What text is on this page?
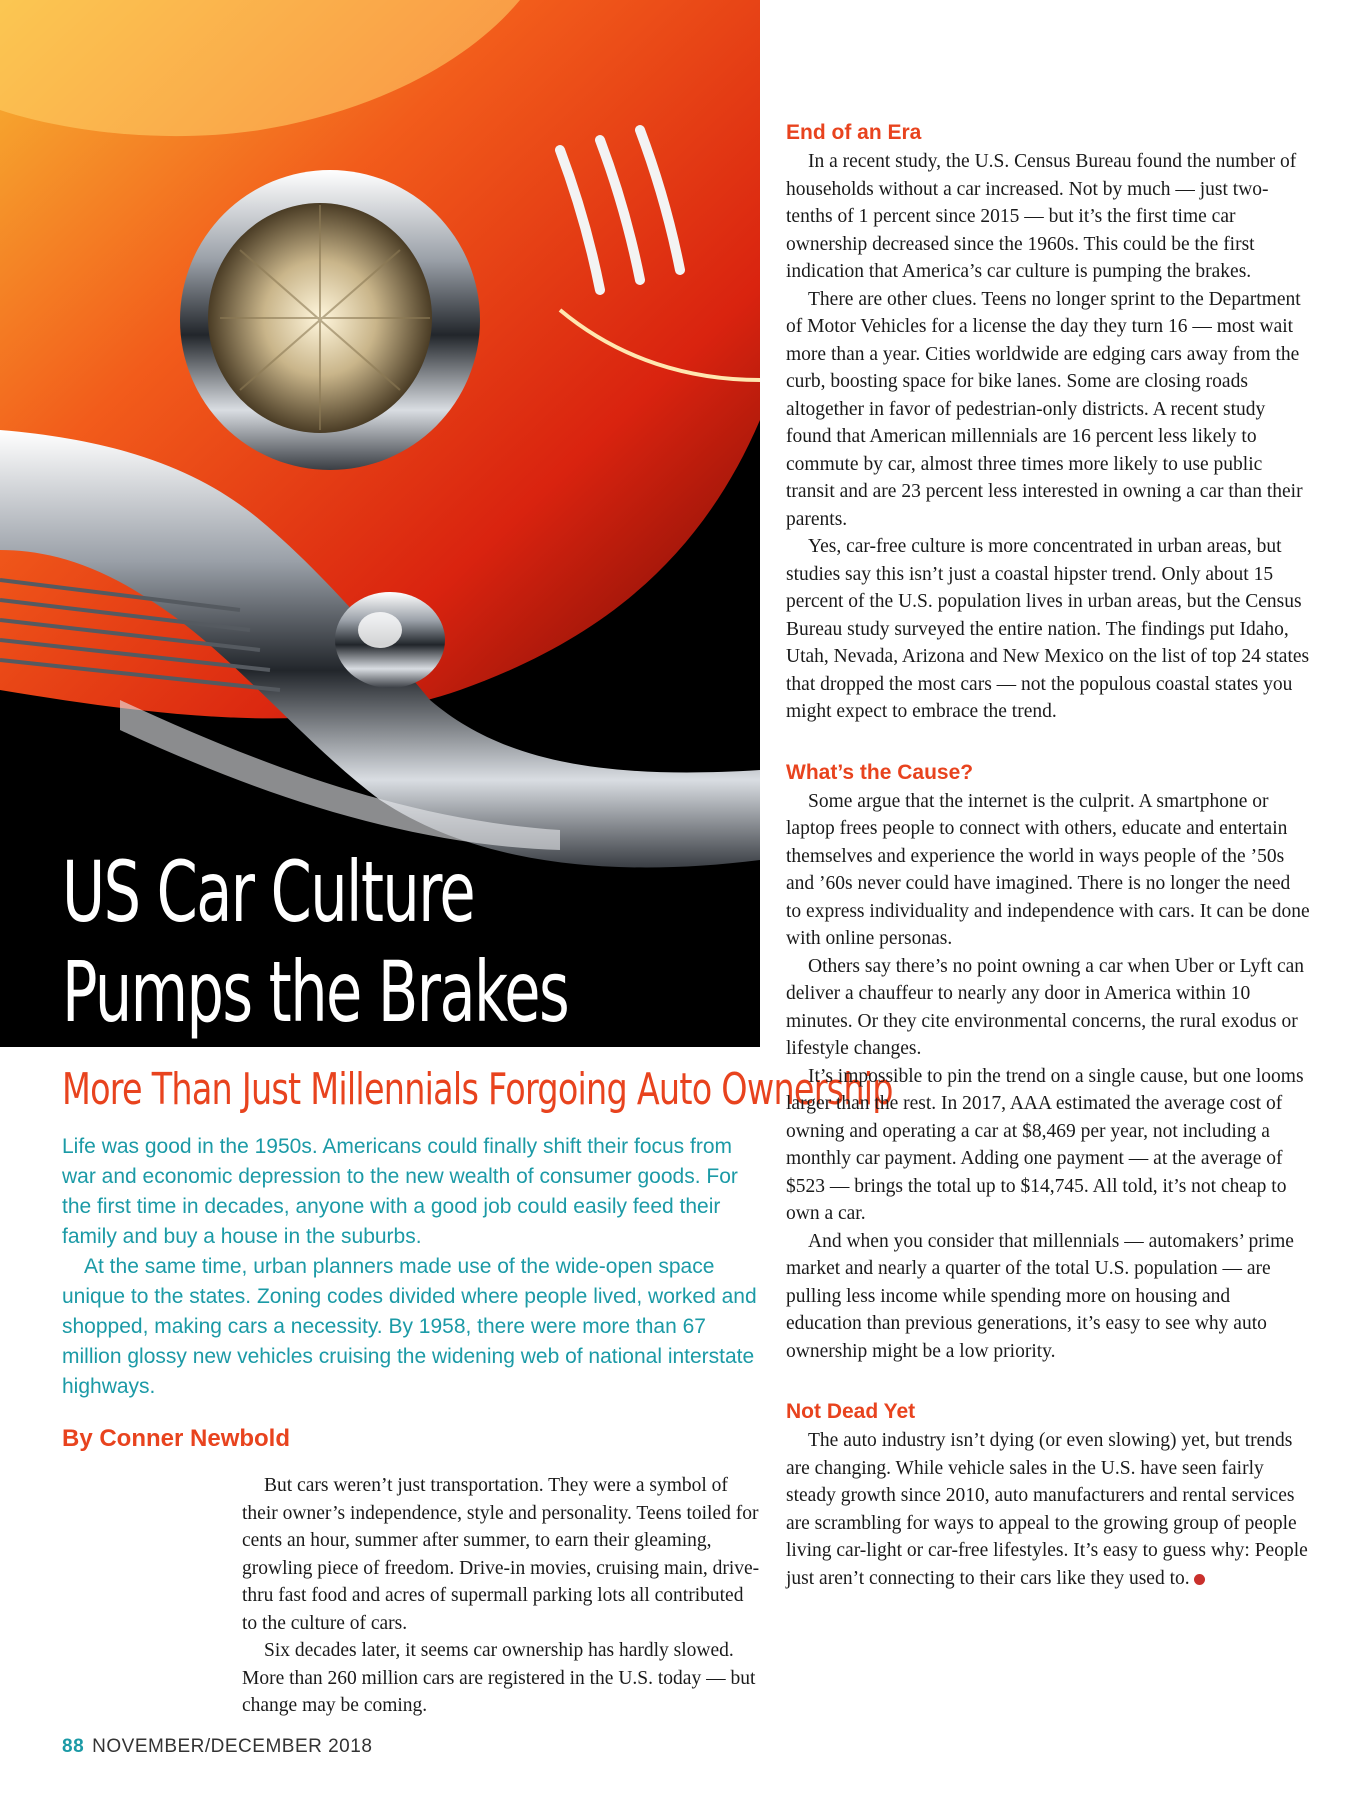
US Car Culture
Pumps the Brakes
More Than Just Millennials Forgoing Auto Ownership

Life was good in the 1950s. Americans could finally shift their focus from war and economic depression to the new wealth of consumer goods. For the first time in decades, anyone with a good job could easily feed their family and buy a house in the suburbs.

At the same time, urban planners made use of the wide-open space unique to the states. Zoning codes divided where people lived, worked and shopped, making cars a necessity. By 1958, there were more than 67 million glossy new vehicles cruising the widening web of national interstate highways.

By Conner Newbold

But cars weren’t just transportation. They were a symbol of their owner’s independence, style and personality. Teens toiled for cents an hour, summer after summer, to earn their gleaming, growling piece of freedom. Drive-in movies, cruising main, drive-thru fast food and acres of supermall parking lots all contributed to the culture of cars.

Six decades later, it seems car ownership has hardly slowed. More than 260 million cars are registered in the U.S. today — but change may be coming.

End of an Era

In a recent study, the U.S. Census Bureau found the number of households without a car increased. Not by much — just two-tenths of 1 percent since 2015 — but it’s the first time car ownership decreased since the 1960s. This could be the first indication that America’s car culture is pumping the brakes.

There are other clues. Teens no longer sprint to the Department of Motor Vehicles for a license the day they turn 16 — most wait more than a year. Cities worldwide are edging cars away from the curb, boosting space for bike lanes. Some are closing roads altogether in favor of pedestrian-only districts. A recent study found that American millennials are 16 percent less likely to commute by car, almost three times more likely to use public transit and are 23 percent less interested in owning a car than their parents.

Yes, car-free culture is more concentrated in urban areas, but studies say this isn’t just a coastal hipster trend. Only about 15 percent of the U.S. population lives in urban areas, but the Census Bureau study surveyed the entire nation. The findings put Idaho, Utah, Nevada, Arizona and New Mexico on the list of top 24 states that dropped the most cars — not the populous coastal states you might expect to embrace the trend.

What’s the Cause?

Some argue that the internet is the culprit. A smartphone or laptop frees people to connect with others, educate and entertain themselves and experience the world in ways people of the ’50s and ’60s never could have imagined. There is no longer the need to express individuality and independence with cars. It can be done with online personas.

Others say there’s no point owning a car when Uber or Lyft can deliver a chauffeur to nearly any door in America within 10 minutes. Or they cite environmental concerns, the rural exodus or lifestyle changes.

It’s impossible to pin the trend on a single cause, but one looms larger than the rest. In 2017, AAA estimated the average cost of owning and operating a car at $8,469 per year, not including a monthly car payment. Adding one payment — at the average of $523 — brings the total up to $14,745. All told, it’s not cheap to own a car.

And when you consider that millennials — automakers’ prime market and nearly a quarter of the total U.S. population — are pulling less income while spending more on housing and education than previous generations, it’s easy to see why auto ownership might be a low priority.

Not Dead Yet

The auto industry isn’t dying (or even slowing) yet, but trends are changing. While vehicle sales in the U.S. have seen fairly steady growth since 2010, auto manufacturers and rental services are scrambling for ways to appeal to the growing group of people living car-light or car-free lifestyles. It’s easy to guess why: People just aren’t connecting to their cars like they used to.

88 NOVEMBER/DECEMBER 2018
